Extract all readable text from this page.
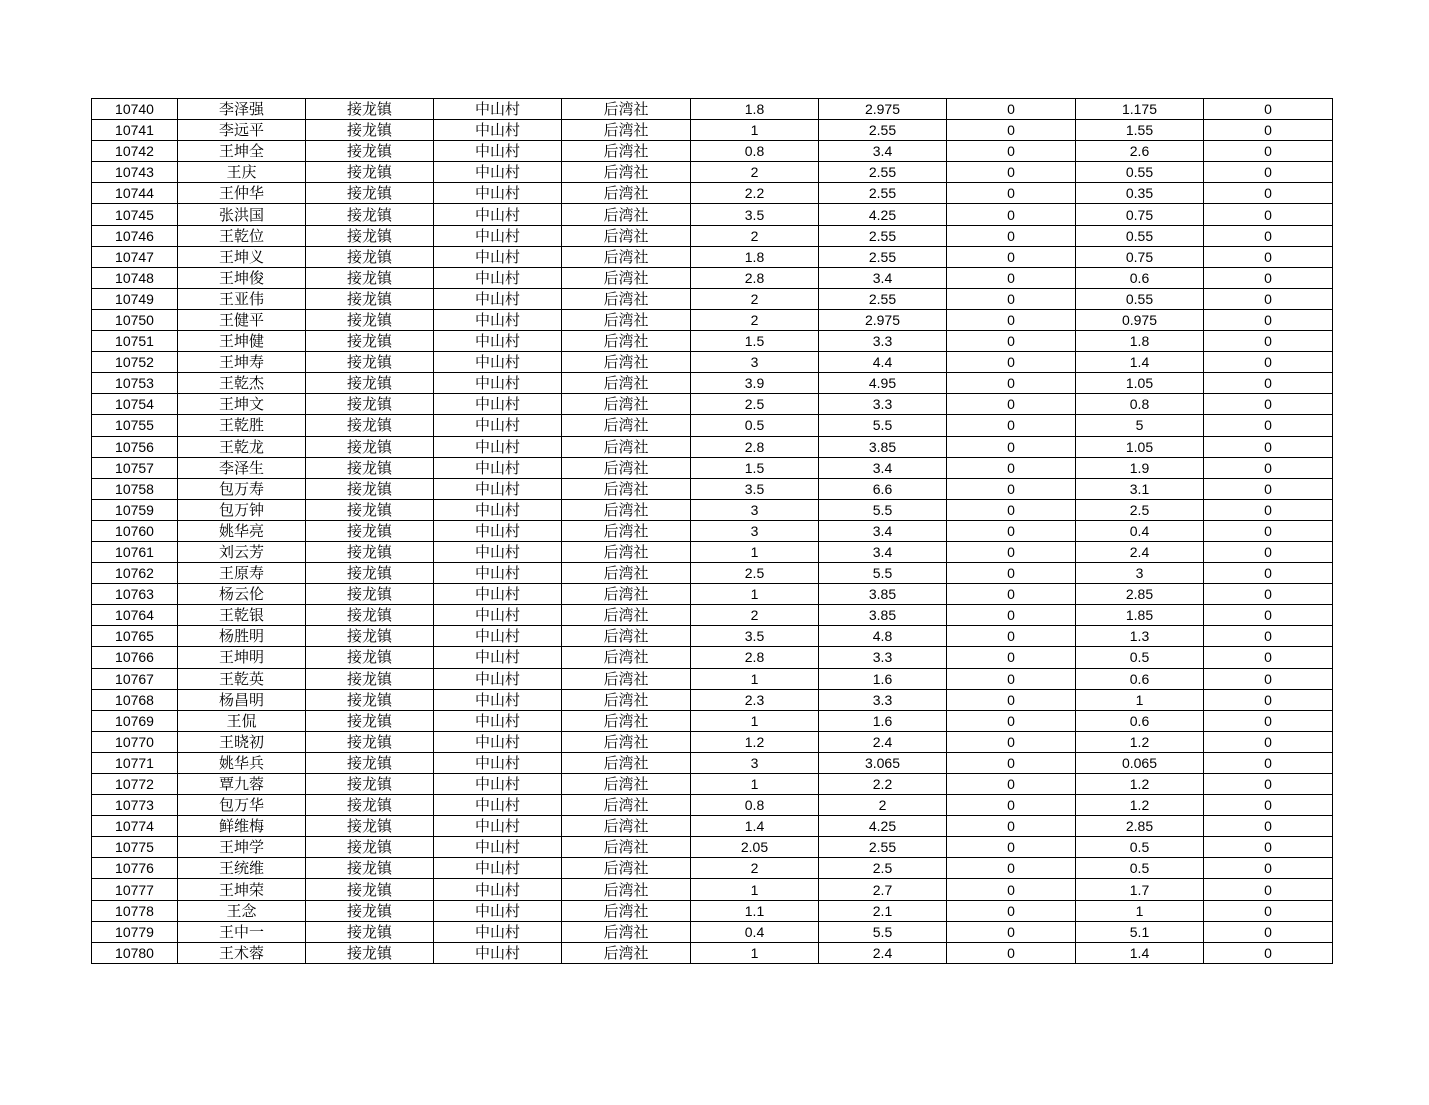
10740	李泽强	接龙镇	中山村	后湾社	1.8	2.975	0	1.175	0
10741	李远平	接龙镇	中山村	后湾社	1	2.55	0	1.55	0
10742	王坤全	接龙镇	中山村	后湾社	0.8	3.4	0	2.6	0
10743	王庆	接龙镇	中山村	后湾社	2	2.55	0	0.55	0
10744	王仲华	接龙镇	中山村	后湾社	2.2	2.55	0	0.35	0
10745	张洪国	接龙镇	中山村	后湾社	3.5	4.25	0	0.75	0
10746	王乾位	接龙镇	中山村	后湾社	2	2.55	0	0.55	0
10747	王坤义	接龙镇	中山村	后湾社	1.8	2.55	0	0.75	0
10748	王坤俊	接龙镇	中山村	后湾社	2.8	3.4	0	0.6	0
10749	王亚伟	接龙镇	中山村	后湾社	2	2.55	0	0.55	0
10750	王健平	接龙镇	中山村	后湾社	2	2.975	0	0.975	0
10751	王坤健	接龙镇	中山村	后湾社	1.5	3.3	0	1.8	0
10752	王坤寿	接龙镇	中山村	后湾社	3	4.4	0	1.4	0
10753	王乾杰	接龙镇	中山村	后湾社	3.9	4.95	0	1.05	0
10754	王坤文	接龙镇	中山村	后湾社	2.5	3.3	0	0.8	0
10755	王乾胜	接龙镇	中山村	后湾社	0.5	5.5	0	5	0
10756	王乾龙	接龙镇	中山村	后湾社	2.8	3.85	0	1.05	0
10757	李泽生	接龙镇	中山村	后湾社	1.5	3.4	0	1.9	0
10758	包万寿	接龙镇	中山村	后湾社	3.5	6.6	0	3.1	0
10759	包万钟	接龙镇	中山村	后湾社	3	5.5	0	2.5	0
10760	姚华亮	接龙镇	中山村	后湾社	3	3.4	0	0.4	0
10761	刘云芳	接龙镇	中山村	后湾社	1	3.4	0	2.4	0
10762	王原寿	接龙镇	中山村	后湾社	2.5	5.5	0	3	0
10763	杨云伦	接龙镇	中山村	后湾社	1	3.85	0	2.85	0
10764	王乾银	接龙镇	中山村	后湾社	2	3.85	0	1.85	0
10765	杨胜明	接龙镇	中山村	后湾社	3.5	4.8	0	1.3	0
10766	王坤明	接龙镇	中山村	后湾社	2.8	3.3	0	0.5	0
10767	王乾英	接龙镇	中山村	后湾社	1	1.6	0	0.6	0
10768	杨昌明	接龙镇	中山村	后湾社	2.3	3.3	0	1	0
10769	王侃	接龙镇	中山村	后湾社	1	1.6	0	0.6	0
10770	王晓初	接龙镇	中山村	后湾社	1.2	2.4	0	1.2	0
10771	姚华兵	接龙镇	中山村	后湾社	3	3.065	0	0.065	0
10772	覃九蓉	接龙镇	中山村	后湾社	1	2.2	0	1.2	0
10773	包万华	接龙镇	中山村	后湾社	0.8	2	0	1.2	0
10774	鲜维梅	接龙镇	中山村	后湾社	1.4	4.25	0	2.85	0
10775	王坤学	接龙镇	中山村	后湾社	2.05	2.55	0	0.5	0
10776	王统维	接龙镇	中山村	后湾社	2	2.5	0	0.5	0
10777	王坤荣	接龙镇	中山村	后湾社	1	2.7	0	1.7	0
10778	王念	接龙镇	中山村	后湾社	1.1	2.1	0	1	0
10779	王中一	接龙镇	中山村	后湾社	0.4	5.5	0	5.1	0
10780	王术蓉	接龙镇	中山村	后湾社	1	2.4	0	1.4	0
